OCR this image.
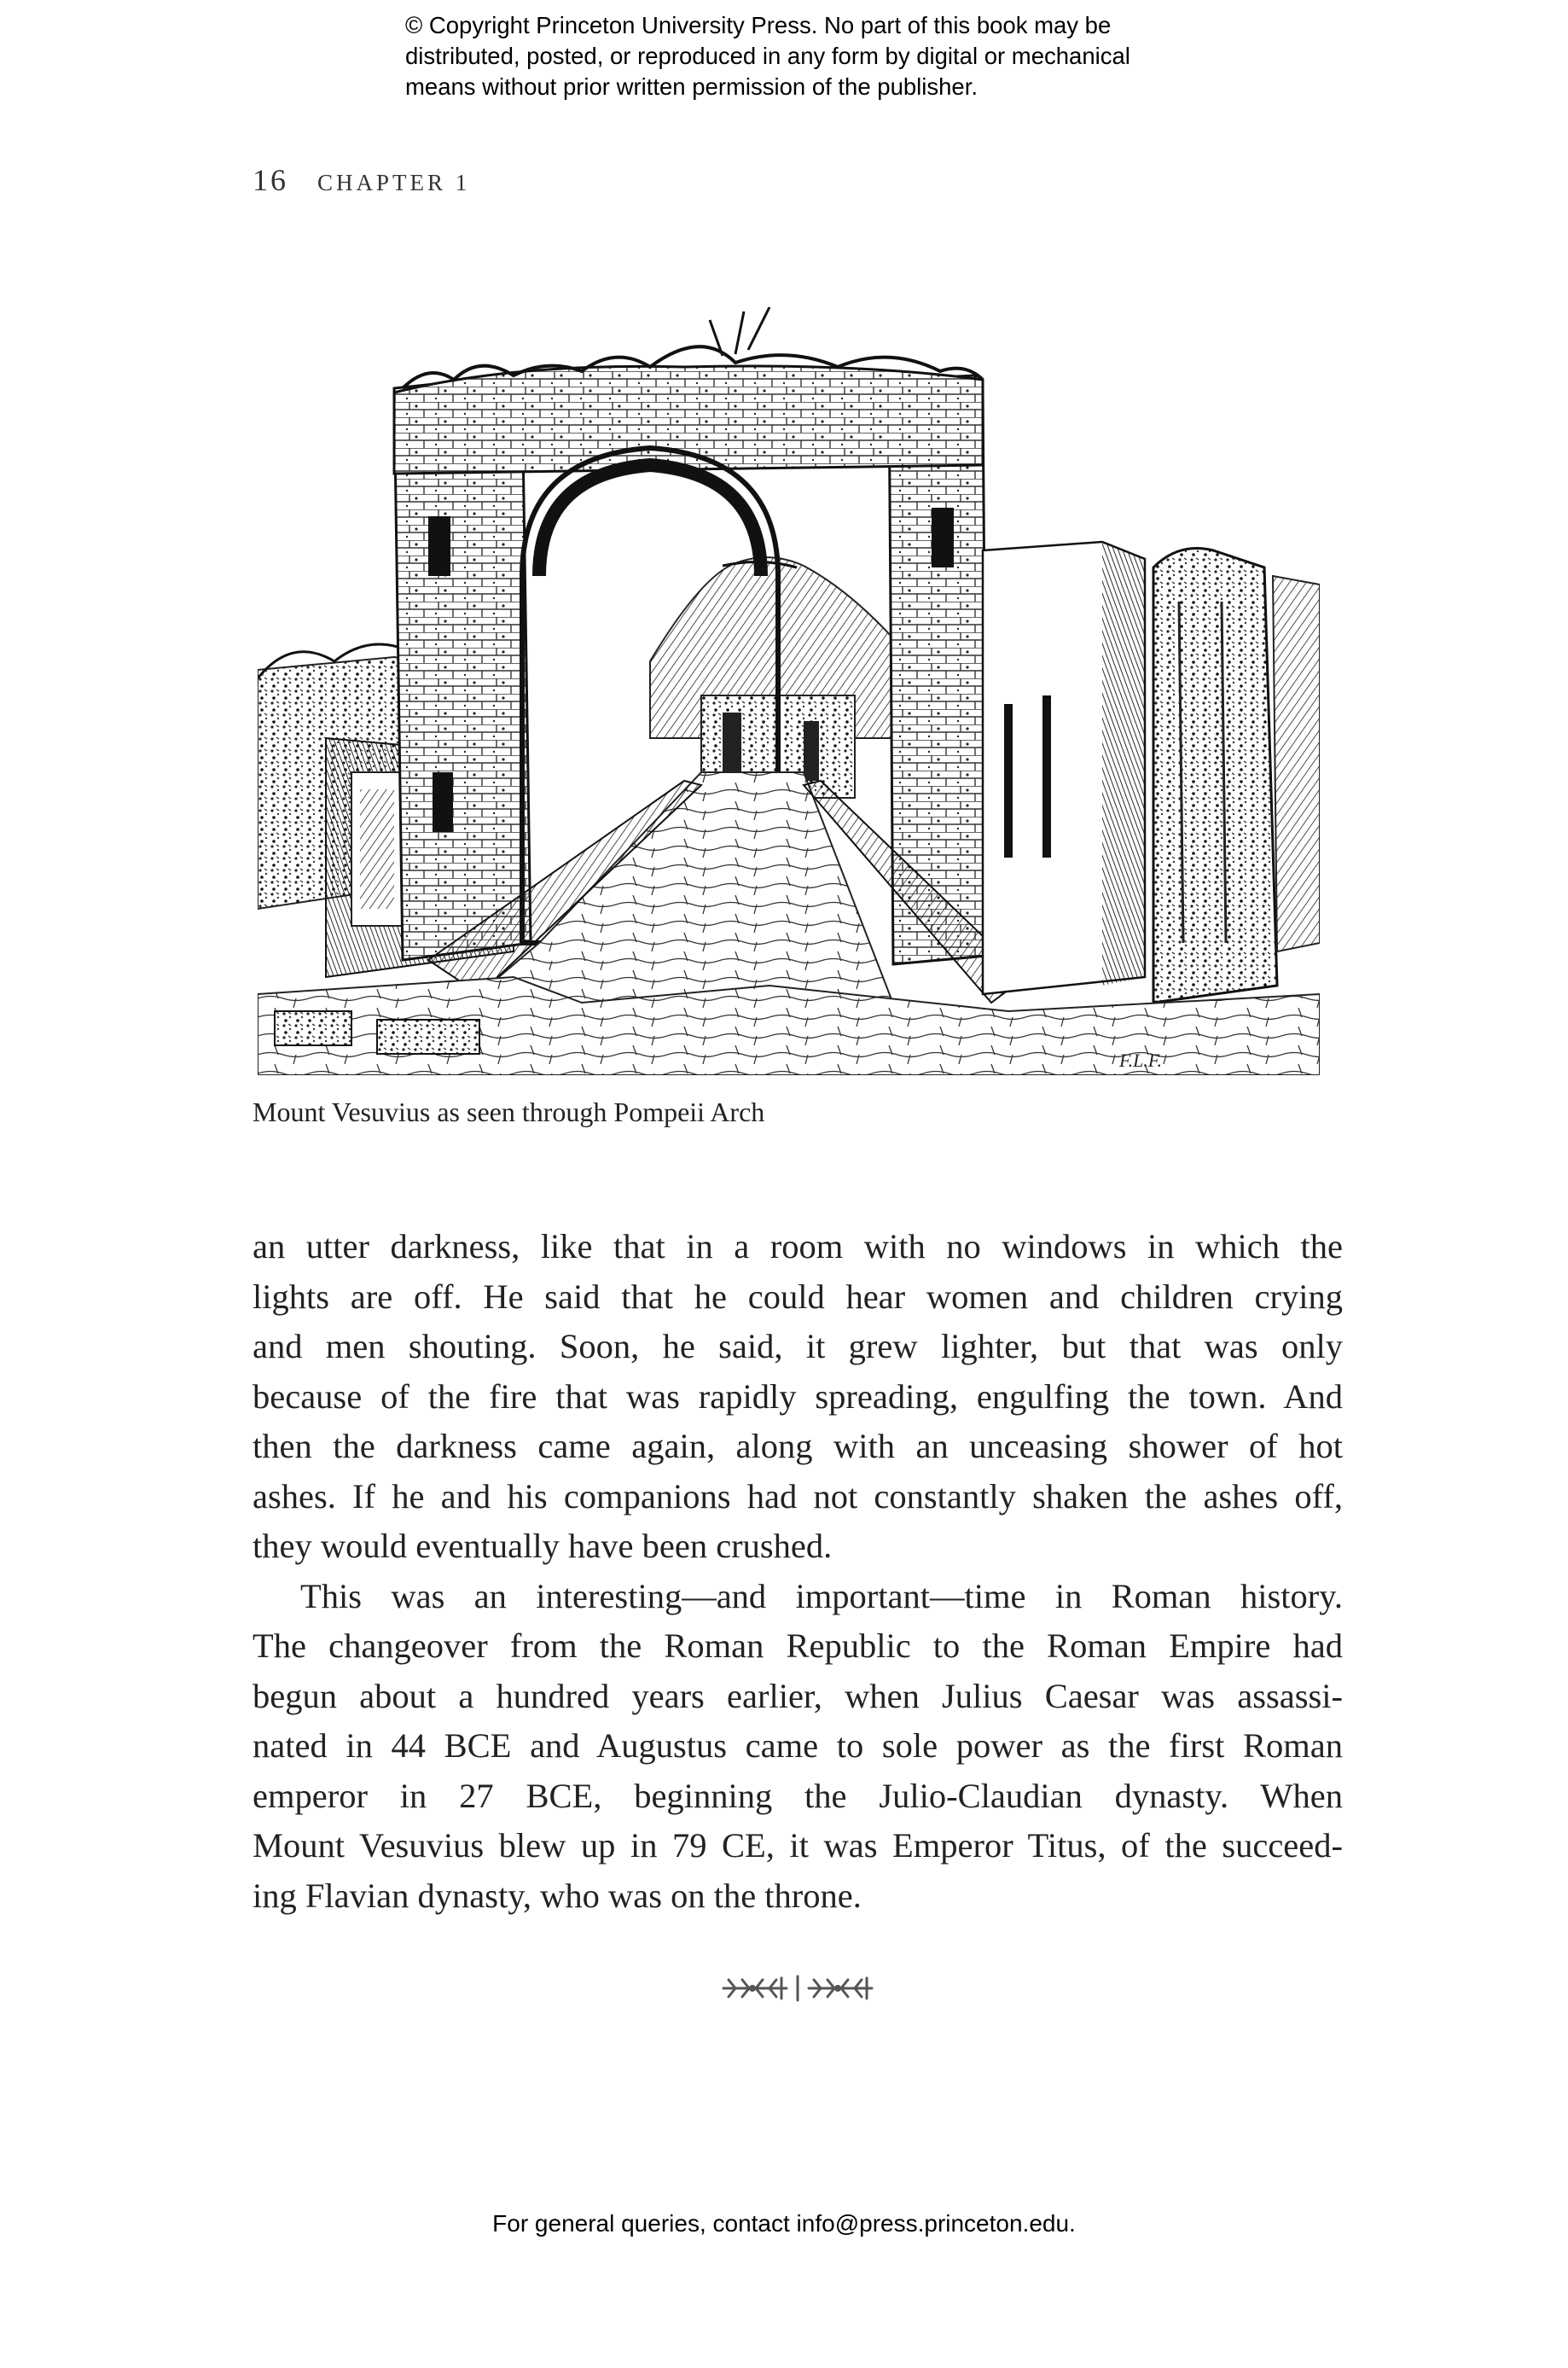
© Copyright Princeton University Press. No part of this book may be
distributed, posted, or reproduced in any form by digital or mechanical
means without prior written permission of the publisher.
16 CHAPTER 1
F.L.F.
Mount Vesuvius as seen through Pompeii Arch
an utter darkness, like that in a room with no windows in which the
lights are off. He said that he could hear women and children crying
and men shouting. Soon, he said, it grew lighter, but that was only
because of the fire that was rapidly spreading, engulfing the town. And
then the darkness came again, along with an unceasing shower of hot
ashes. If he and his companions had not constantly shaken the ashes off,
they would eventually have been crushed.
This was an interesting—and important—time in Roman history.
The changeover from the Roman Republic to the Roman Empire had
begun about a hundred years earlier, when Julius Caesar was assassi-
nated in 44 BCE and Augustus came to sole power as the first Roman
emperor in 27 BCE, beginning the Julio-Claudian dynasty. When
Mount Vesuvius blew up in 79 CE, it was Emperor Titus, of the succeed-
ing Flavian dynasty, who was on the throne.
For general queries, contact info@press.princeton.edu.
